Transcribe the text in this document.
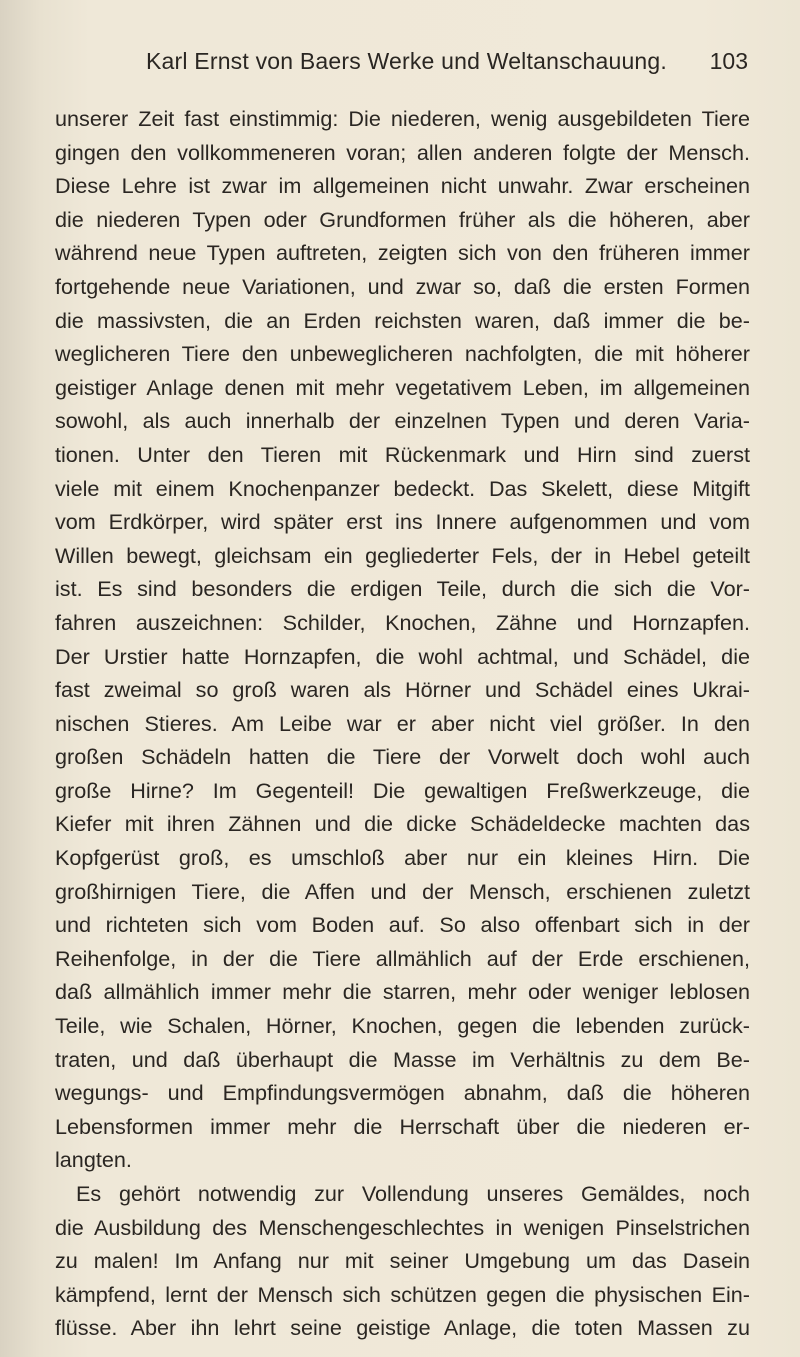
Karl Ernst von Baers Werke und Weltanschauung. 103
unserer Zeit fast einstimmig: Die niederen, wenig ausgebildeten Tiere
gingen den vollkommeneren voran; allen anderen folgte der Mensch.
Diese Lehre ist zwar im allgemeinen nicht unwahr. Zwar erscheinen
die niederen Typen oder Grundformen früher als die höheren, aber
während neue Typen auftreten, zeigten sich von den früheren immer
fortgehende neue Variationen, und zwar so, daß die ersten Formen
die massivsten, die an Erden reichsten waren, daß immer die be-
weglicheren Tiere den unbeweglicheren nachfolgten, die mit höherer
geistiger Anlage denen mit mehr vegetativem Leben, im allgemeinen
sowohl, als auch innerhalb der einzelnen Typen und deren Varia-
tionen. Unter den Tieren mit Rückenmark und Hirn sind zuerst
viele mit einem Knochenpanzer bedeckt. Das Skelett, diese Mitgift
vom Erdkörper, wird später erst ins Innere aufgenommen und vom
Willen bewegt, gleichsam ein gegliederter Fels, der in Hebel geteilt
ist. Es sind besonders die erdigen Teile, durch die sich die Vor-
fahren auszeichnen: Schilder, Knochen, Zähne und Hornzapfen.
Der Urstier hatte Hornzapfen, die wohl achtmal, und Schädel, die
fast zweimal so groß waren als Hörner und Schädel eines Ukrai-
nischen Stieres. Am Leibe war er aber nicht viel größer. In den
großen Schädeln hatten die Tiere der Vorwelt doch wohl auch
große Hirne? Im Gegenteil! Die gewaltigen Freßwerkzeuge, die
Kiefer mit ihren Zähnen und die dicke Schädeldecke machten das
Kopfgerüst groß, es umschloß aber nur ein kleines Hirn. Die
großhirnigen Tiere, die Affen und der Mensch, erschienen zuletzt
und richteten sich vom Boden auf. So also offenbart sich in der
Reihenfolge, in der die Tiere allmählich auf der Erde erschienen,
daß allmählich immer mehr die starren, mehr oder weniger leblosen
Teile, wie Schalen, Hörner, Knochen, gegen die lebenden zurück-
traten, und daß überhaupt die Masse im Verhältnis zu dem Be-
wegungs- und Empfindungsvermögen abnahm, daß die höheren
Lebensformen immer mehr die Herrschaft über die niederen er-
langten.
Es gehört notwendig zur Vollendung unseres Gemäldes, noch
die Ausbildung des Menschengeschlechtes in wenigen Pinselstrichen
zu malen! Im Anfang nur mit seiner Umgebung um das Dasein
kämpfend, lernt der Mensch sich schützen gegen die physischen Ein-
flüsse. Aber ihn lehrt seine geistige Anlage, die toten Massen zu
